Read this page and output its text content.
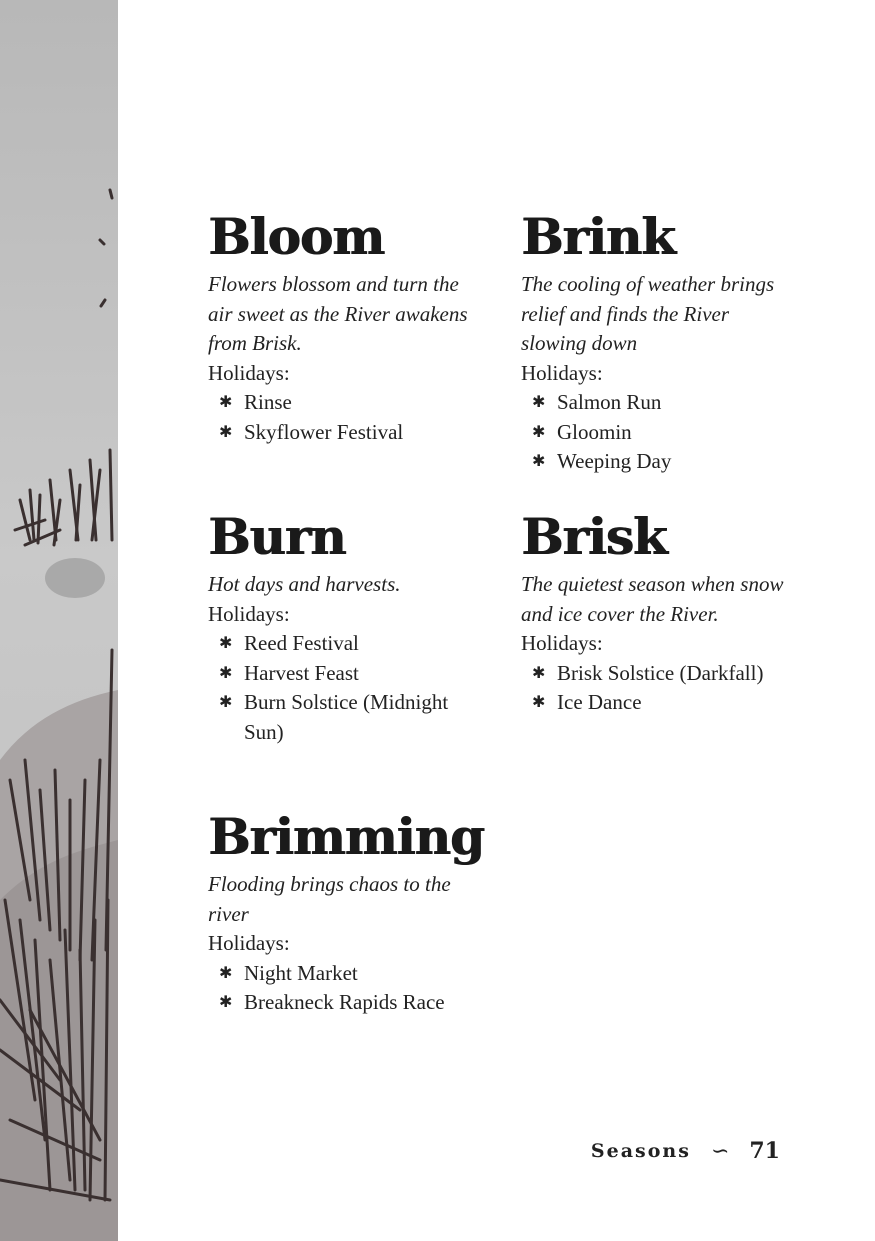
Bloom

Flowers blossom and turn the air sweet as the River awakens from Brisk.

Holidays:

✱ Rinse
✱ Skyflower Festival
Brink

The cooling of weather brings relief and finds the River slowing down

Holidays:

✱ Salmon Run
✱ Gloomin
✱ Weeping Day
Burn

Hot days and harvests.

Holidays:

✱ Reed Festival
✱ Harvest Feast
✱ Burn Solstice (Midnight Sun)
Brisk

The quietest season when snow and ice cover the River.

Holidays:

✱ Brisk Solstice (Darkfall)
✱ Ice Dance
Brimming

Flooding brings chaos to the river

Holidays:

✱ Night Market
✱ Breakneck Rapids Race
Seasons ∽ 71
